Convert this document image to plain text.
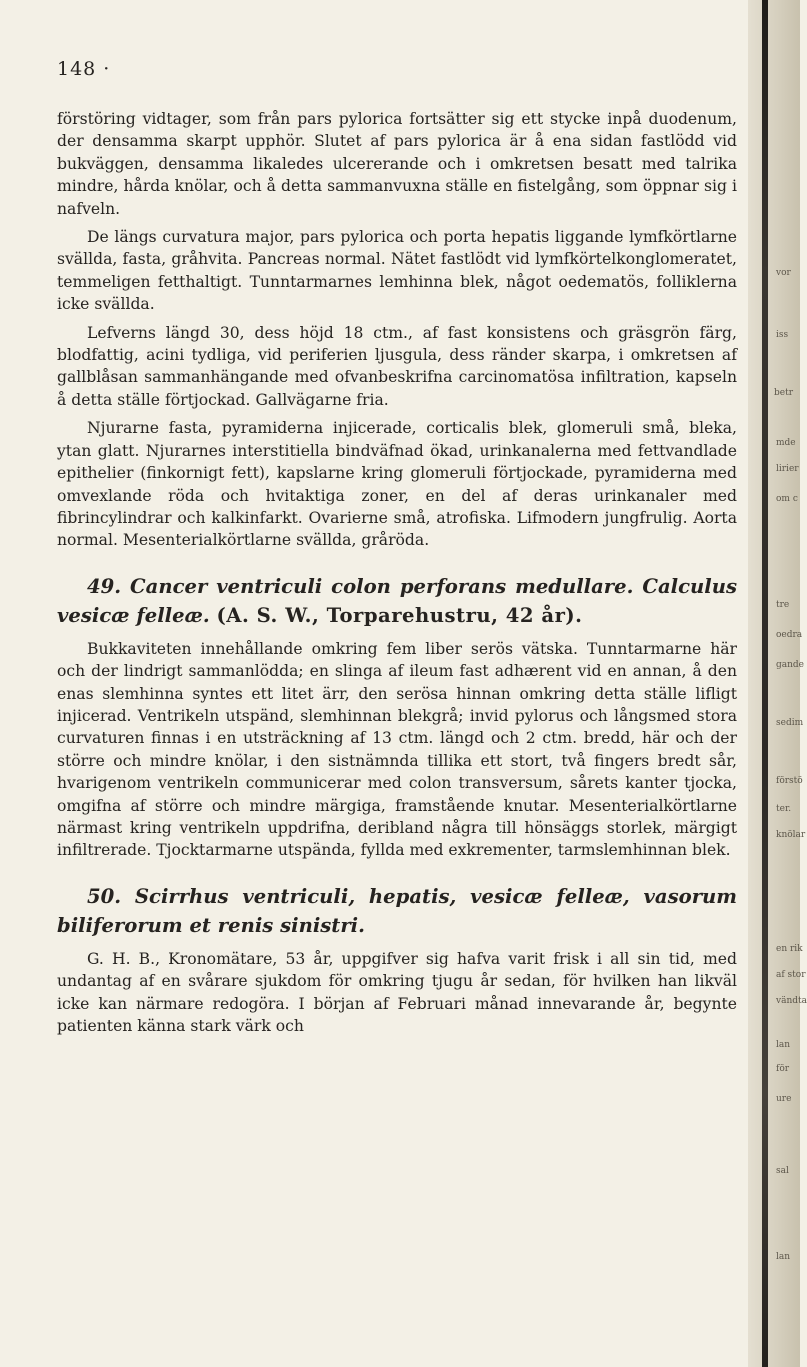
vor
iss
betr
mde
lirier
om c
tre
oedra
gande
sedim
förstö
ter.
knölar
en rik
af stor
vändta
lan
för
ure
sal
lan
148 ·

förstöring vidtager, som från pars pylorica fortsätter sig ett stycke inpå duodenum, der densamma skarpt upphör. Slutet af pars pylorica är å ena sidan fastlödd vid bukväggen, densamma likaledes ulcererande och i omkretsen besatt med talrika mindre, hårda knölar, och å detta sammanvuxna ställe en fistelgång, som öppnar sig i nafveln.

De längs curvatura major, pars pylorica och porta hepatis liggande lymfkörtlarne svällda, fasta, gråhvita. Pancreas normal. Nätet fastlödt vid lymfkörtelkonglomeratet, temmeligen fetthaltigt. Tunntarmarnes lemhinna blek, något oedematös, folliklerna icke svällda.

Lefverns längd 30, dess höjd 18 ctm., af fast konsistens och gräsgrön färg, blodfattig, acini tydliga, vid periferien ljusgula, dess ränder skarpa, i omkretsen af gallblåsan sammanhängande med ofvanbeskrifna carcinomatösa infiltration, kapseln å detta ställe förtjockad. Gallvägarne fria.

Njurarne fasta, pyramiderna injicerade, corticalis blek, glomeruli små, bleka, ytan glatt. Njurarnes interstitiella bindväfnad ökad, urinkanalerna med fettvandlade epithelier (finkornigt fett), kapslarne kring glomeruli förtjockade, pyramiderna med omvexlande röda och hvitaktiga zoner, en del af deras urinkanaler med fibrincylindrar och kalkinfarkt. Ovarierne små, atrofiska. Lifmodern jungfrulig. Aorta normal. Mesenterialkörtlarne svällda, gråröda.

49. Cancer ventriculi colon perforans medullare. Calculus vesicæ felleæ. (A. S. W., Torparehustru, 42 år).

Bukkaviteten innehållande omkring fem liber serös vätska. Tunntarmarne här och der lindrigt sammanlödda; en slinga af ileum fast adhærent vid en annan, å den enas slemhinna syntes ett litet ärr, den serösa hinnan omkring detta ställe lifligt injicerad. Ventrikeln utspänd, slemhinnan blekgrå; invid pylorus och långsmed stora curvaturen finnas i en utsträckning af 13 ctm. längd och 2 ctm. bredd, här och der större och mindre knölar, i den sistnämnda tillika ett stort, två fingers bredt sår, hvarigenom ventrikeln communicerar med colon transversum, sårets kanter tjocka, omgifna af större och mindre märgiga, framstående knutar. Mesenterialkörtlarne närmast kring ventrikeln uppdrifna, deribland några till hönsäggs storlek, märgigt infiltrerade. Tjocktarmarne utspända, fyllda med exkrementer, tarmslemhinnan blek.

50. Scirrhus ventriculi, hepatis, vesicæ felleæ, vasorum biliferorum et renis sinistri.

G. H. B., Kronomätare, 53 år, uppgifver sig hafva varit frisk i all sin tid, med undantag af en svårare sjukdom för omkring tjugu år sedan, för hvilken han likväl icke kan närmare redogöra. I början af Februari månad innevarande år, begynte patienten känna stark värk och
